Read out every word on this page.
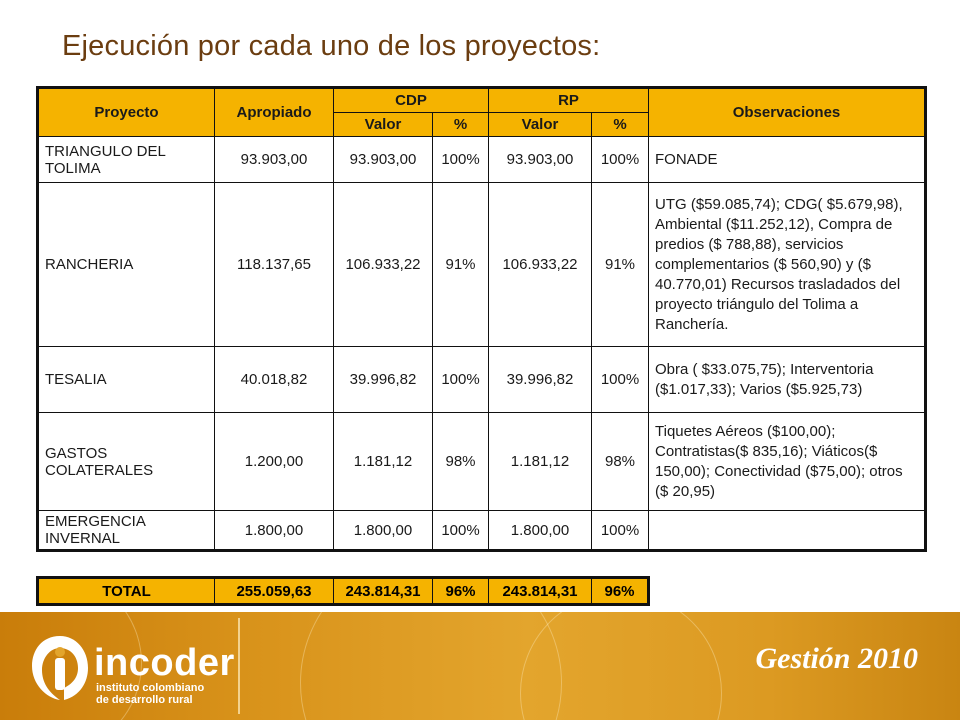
Ejecución por cada uno de los proyectos:
Proyecto	Apropiado	CDP		RP		Observaciones
		Valor	%	Valor	%	
TRIANGULO DEL TOLIMA	93.903,00	93.903,00	100%	93.903,00	100%	FONADE
RANCHERIA	118.137,65	106.933,22	91%	106.933,22	91%	UTG ($59.085,74); CDG( $5.679,98), Ambiental ($11.252,12), Compra de predios ($ 788,88), servicios complementarios ($ 560,90) y ($ 40.770,01) Recursos trasladados del proyecto triángulo del Tolima a Ranchería.
TESALIA	40.018,82	39.996,82	100%	39.996,82	100%	Obra ( $33.075,75); Interventoria ($1.017,33); Varios ($5.925,73)
GASTOS COLATERALES	1.200,00	1.181,12	98%	1.181,12	98%	Tiquetes Aéreos ($100,00); Contratistas($ 835,16); Viáticos($ 150,00); Conectividad ($75,00); otros ($ 20,95)
EMERGENCIA INVERNAL	1.800,00	1.800,00	100%	1.800,00	100%	
TOTAL	255.059,63	243.814,31	96%	243.814,31	96%
incoder
instituto colombiano
de desarrollo rural
Gestión 2010
